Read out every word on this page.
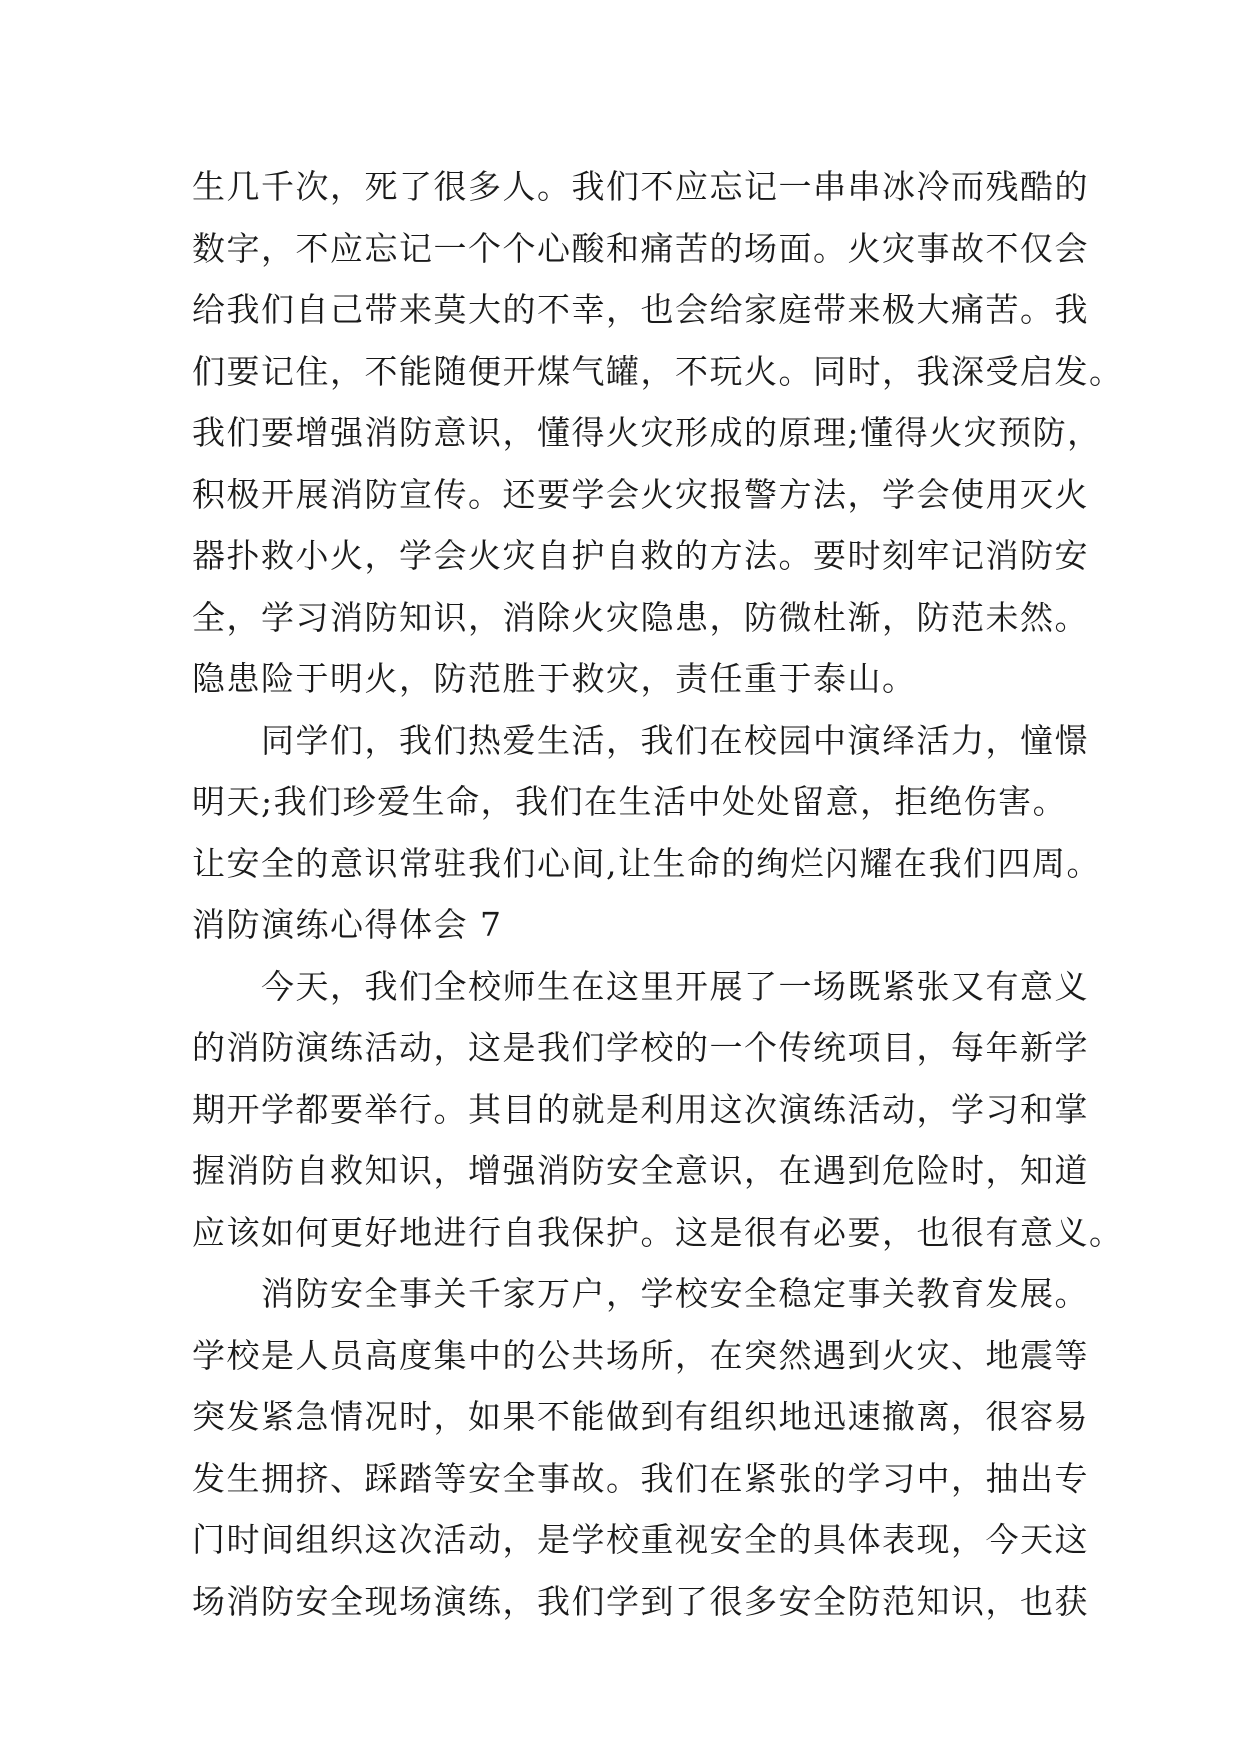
生几千次，死了很多人。我们不应忘记一串串冰冷而残酷的
数字，不应忘记一个个心酸和痛苦的场面。火灾事故不仅会
给我们自己带来莫大的不幸，也会给家庭带来极大痛苦。我
们要记住，不能随便开煤气罐，不玩火。同时，我深受启发。
我们要增强消防意识，懂得火灾形成的原理;懂得火灾预防，
积极开展消防宣传。还要学会火灾报警方法，学会使用灭火
器扑救小火，学会火灾自护自救的方法。要时刻牢记消防安
全，学习消防知识，消除火灾隐患，防微杜渐，防范未然。
隐患险于明火，防范胜于救灾，责任重于泰山。
　　同学们，我们热爱生活，我们在校园中演绎活力，憧憬
明天;我们珍爱生命，我们在生活中处处留意，拒绝伤害。
让安全的意识常驻我们心间,让生命的绚烂闪耀在我们四周。
消防演练心得体会 7
　　今天，我们全校师生在这里开展了一场既紧张又有意义
的消防演练活动，这是我们学校的一个传统项目，每年新学
期开学都要举行。其目的就是利用这次演练活动，学习和掌
握消防自救知识，增强消防安全意识，在遇到危险时，知道
应该如何更好地进行自我保护。这是很有必要，也很有意义。
　　消防安全事关千家万户，学校安全稳定事关教育发展。
学校是人员高度集中的公共场所，在突然遇到火灾、地震等
突发紧急情况时，如果不能做到有组织地迅速撤离，很容易
发生拥挤、踩踏等安全事故。我们在紧张的学习中，抽出专
门时间组织这次活动，是学校重视安全的具体表现，今天这
场消防安全现场演练，我们学到了很多安全防范知识，也获
